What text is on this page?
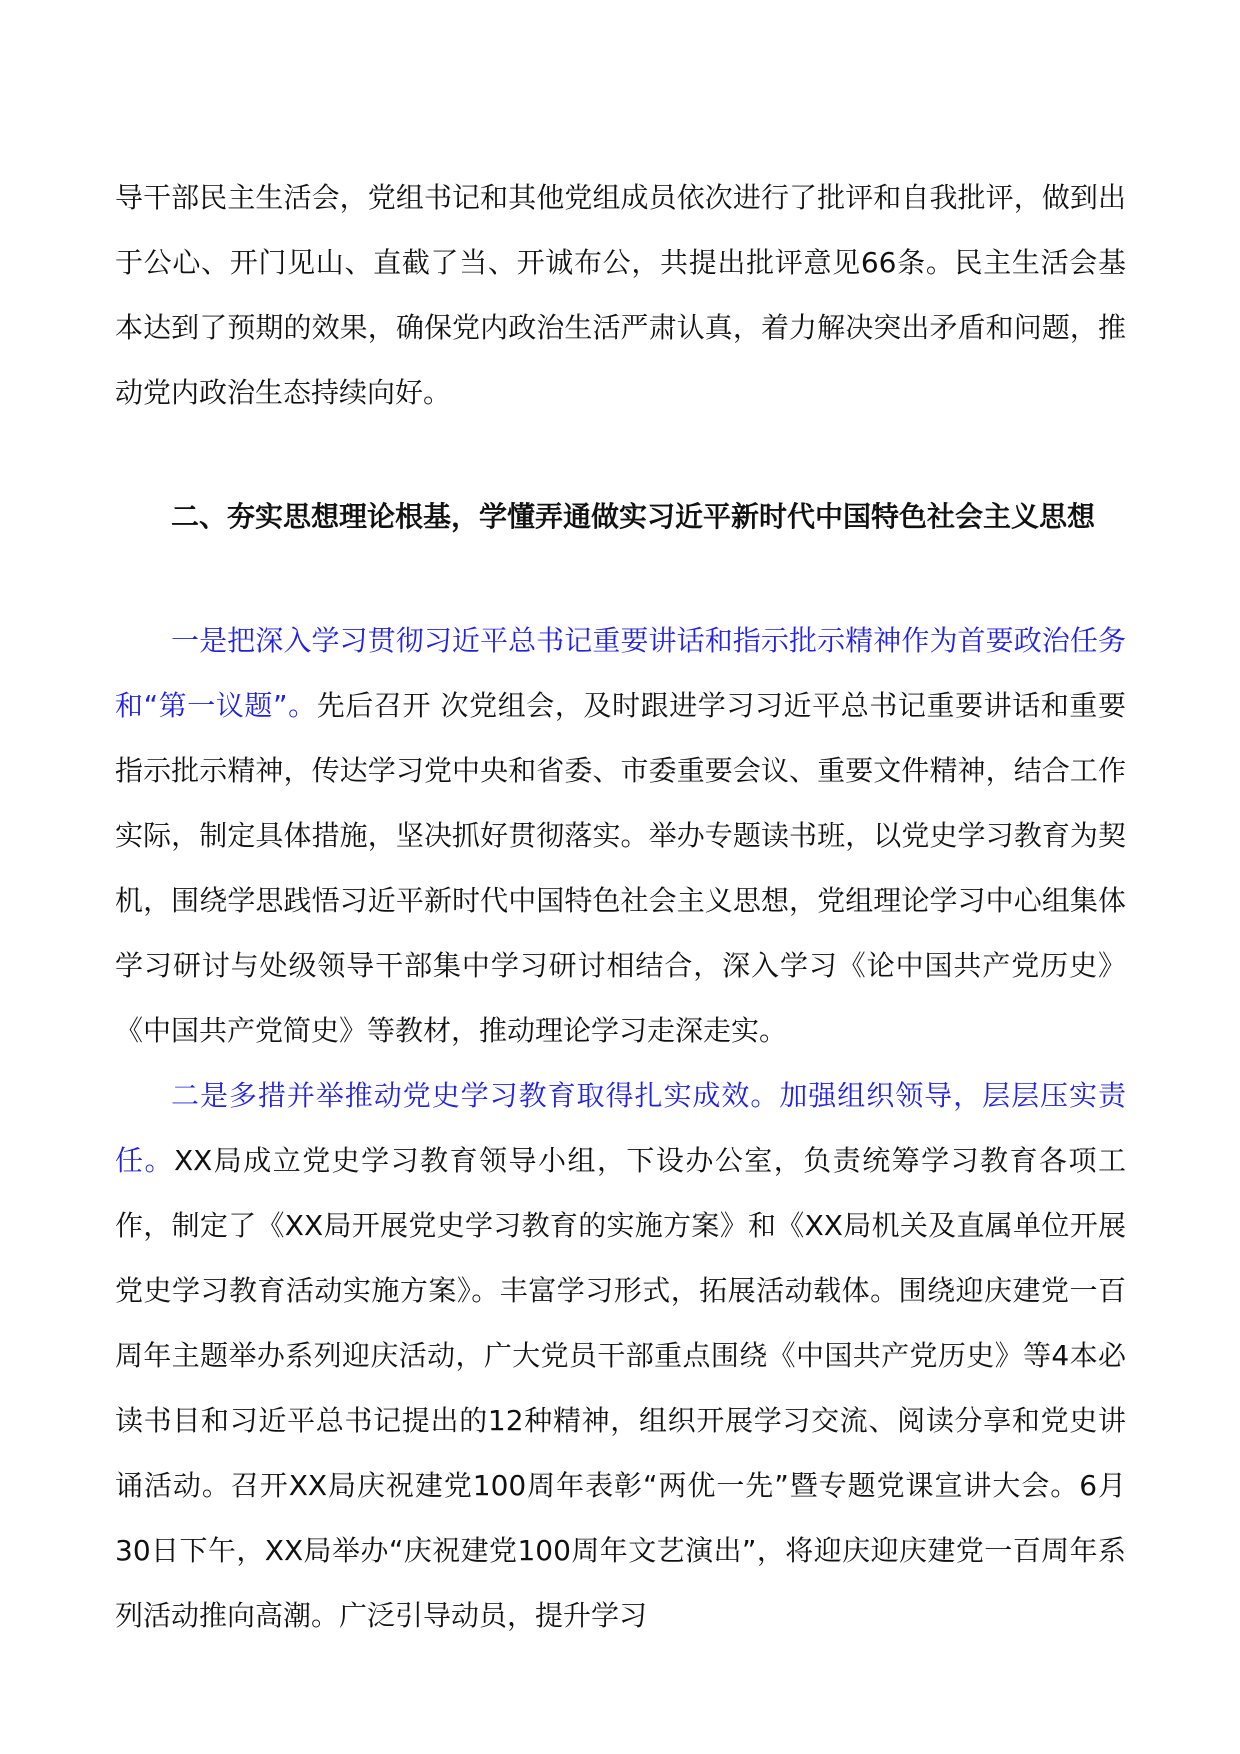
导干部民主生活会，党组书记和其他党组成员依次进行了批评和自我批评，做到出于公心、开门见山、直截了当、开诚布公，共提出批评意见66条。民主生活会基本达到了预期的效果，确保党内政治生活严肃认真，着力解决突出矛盾和问题，推动党内政治生态持续向好。

二、夯实思想理论根基，学懂弄通做实习近平新时代中国特色社会主义思想

一是把深入学习贯彻习近平总书记重要讲话和指示批示精神作为首要政治任务和“第一议题”。先后召开 次党组会，及时跟进学习习近平总书记重要讲话和重要指示批示精神，传达学习党中央和省委、市委重要会议、重要文件精神，结合工作实际，制定具体措施，坚决抓好贯彻落实。举办专题读书班，以党史学习教育为契机，围绕学思践悟习近平新时代中国特色社会主义思想，党组理论学习中心组集体学习研讨与处级领导干部集中学习研讨相结合，深入学习《论中国共产党历史》《中国共产党简史》等教材，推动理论学习走深走实。

二是多措并举推动党史学习教育取得扎实成效。加强组织领导，层层压实责任。XX局成立党史学习教育领导小组，下设办公室，负责统筹学习教育各项工作，制定了《XX局开展党史学习教育的实施方案》和《XX局机关及直属单位开展党史学习教育活动实施方案》。丰富学习形式，拓展活动载体。围绕迎庆建党一百周年主题举办系列迎庆活动，广大党员干部重点围绕《中国共产党历史》等4本必读书目和习近平总书记提出的12种精神，组织开展学习交流、阅读分享和党史讲诵活动。召开XX局庆祝建党100周年表彰“两优一先”暨专题党课宣讲大会。6月30日下午，XX局举办“庆祝建党100周年文艺演出”，将迎庆迎庆建党一百周年系列活动推向高潮。广泛引导动员，提升学习
